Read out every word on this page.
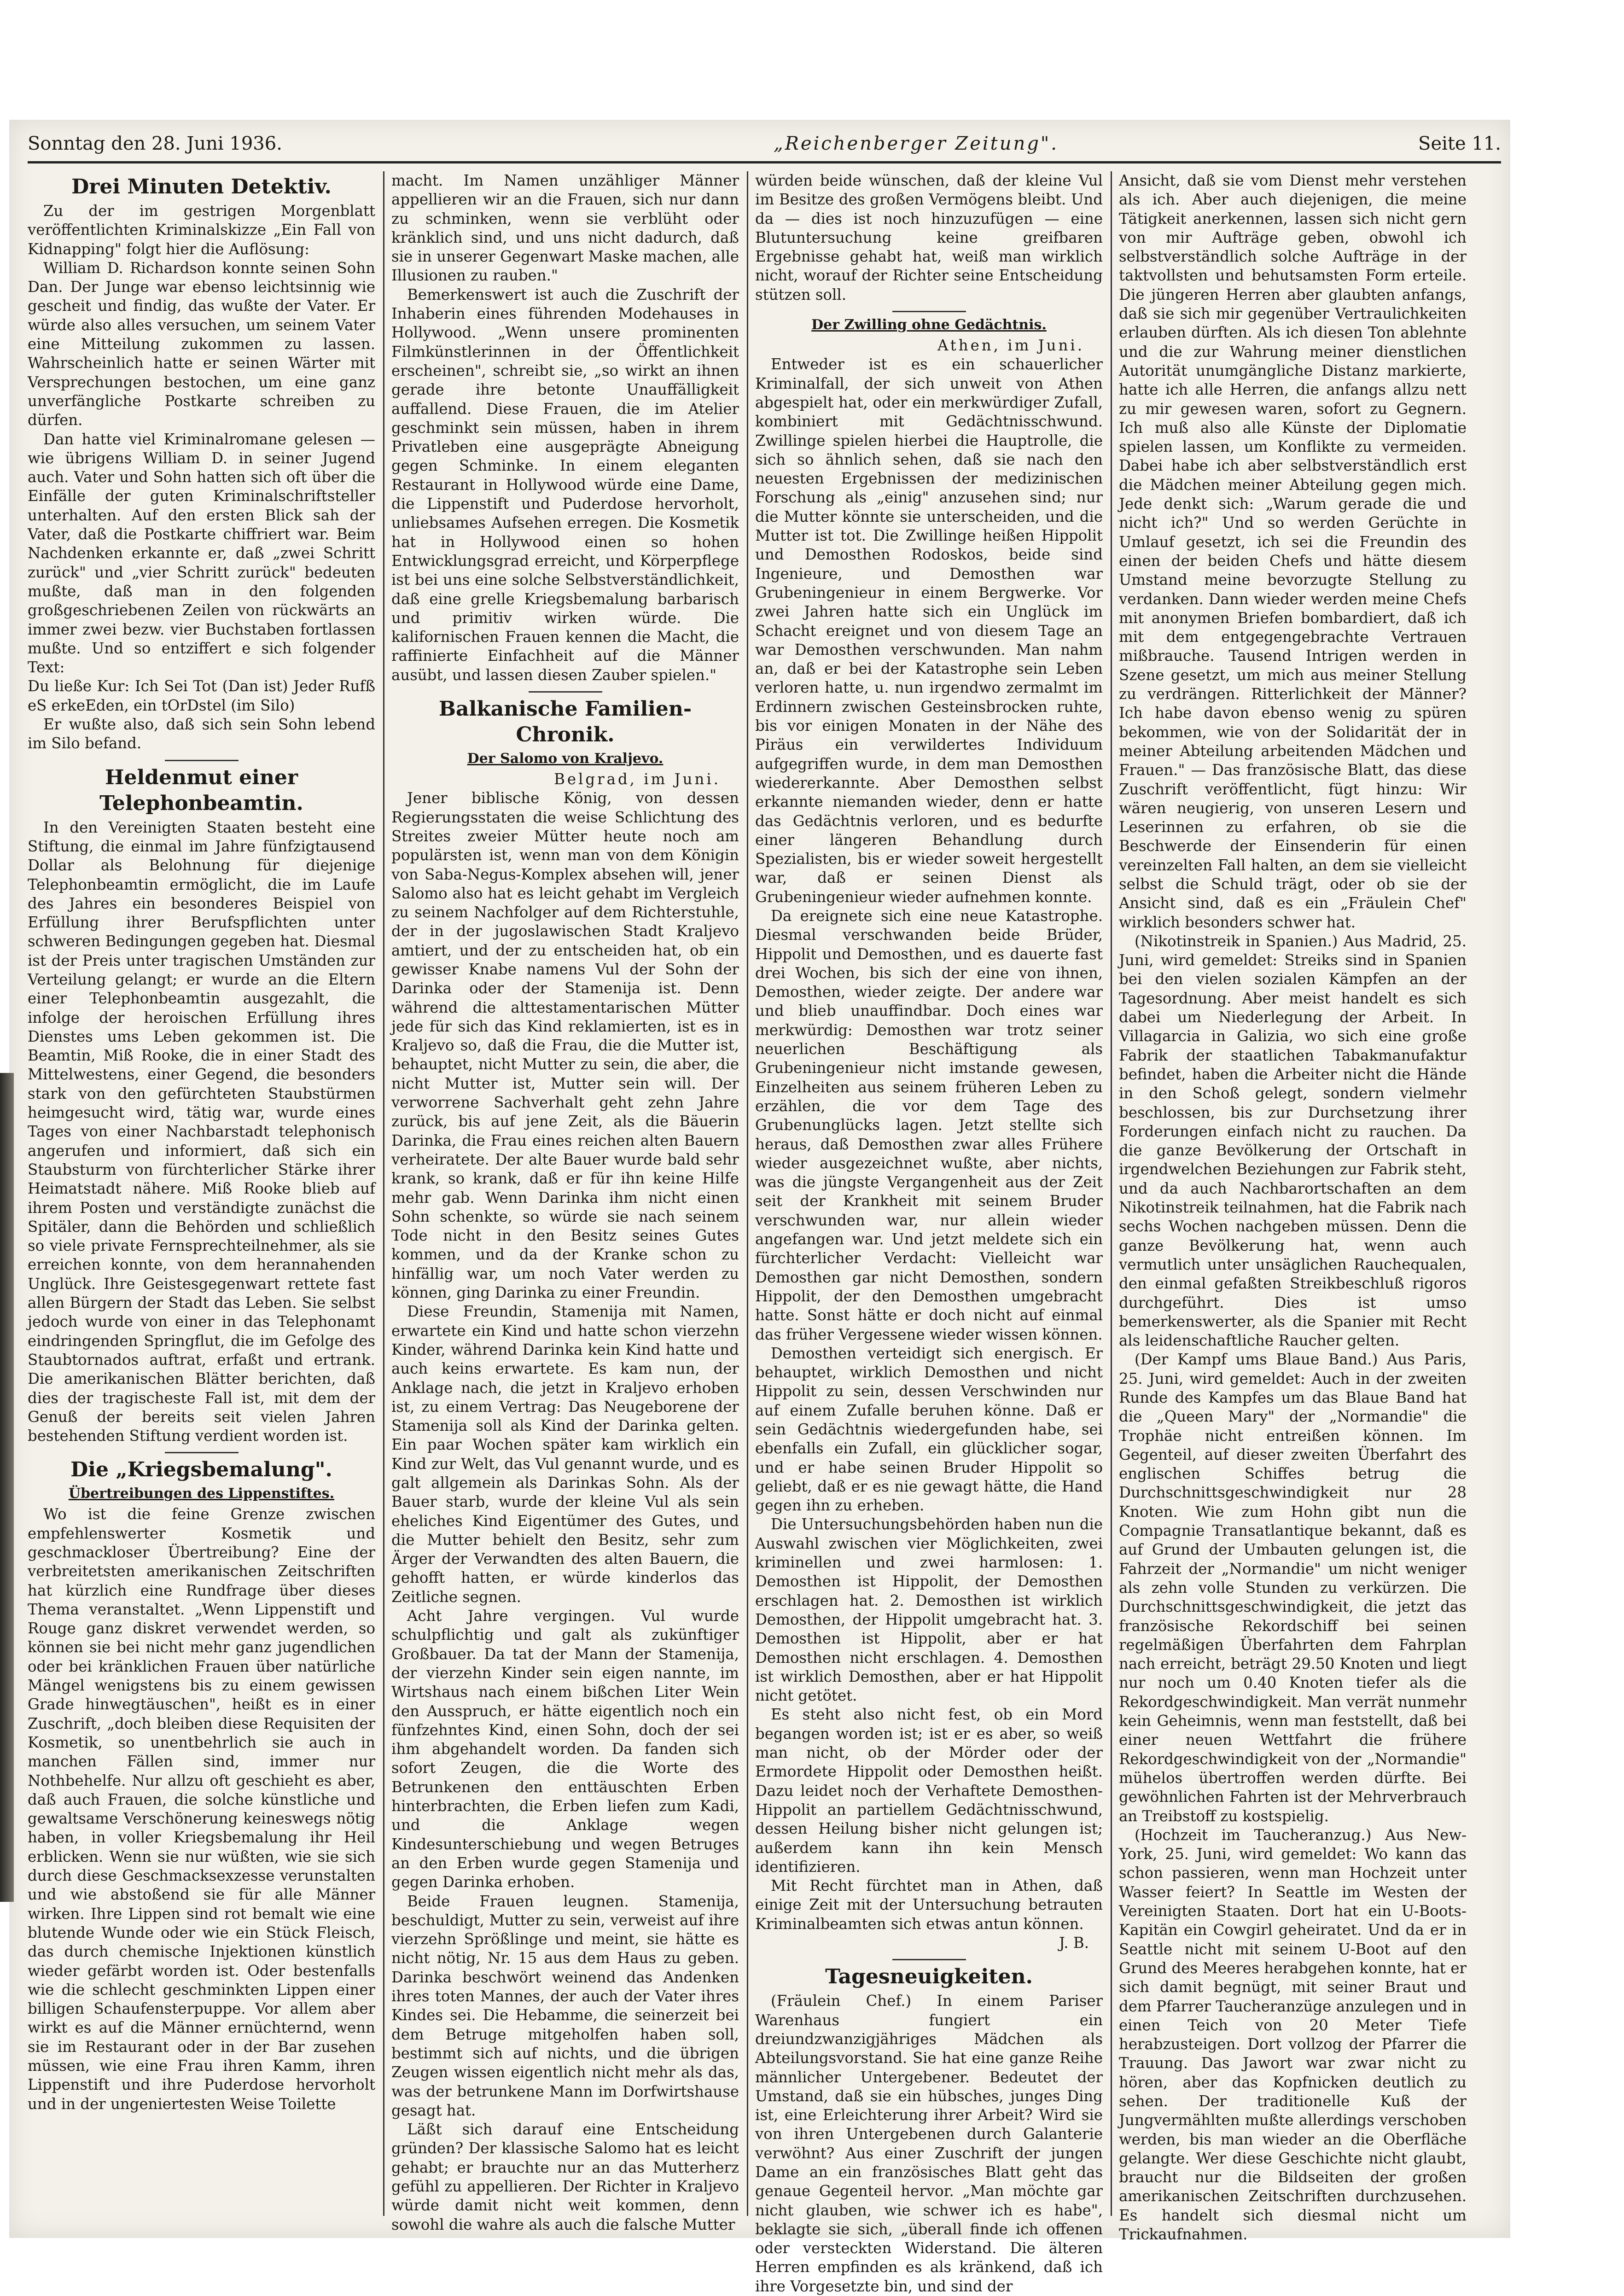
Sonntag den 28. Juni 1936.	„Reichenberger Zeitung".	Seite 11.
Drei Minuten Detektiv.

Zu der im gestrigen Morgenblatt veröffentlichten Kriminalskizze „Ein Fall von Kidnapping" folgt hier die Auflösung:

William D. Richardson konnte seinen Sohn Dan. Der Junge war ebenso leichtsinnig wie gescheit und findig, das wußte der Vater. Er würde also alles versuchen, um seinem Vater eine Mitteilung zukommen zu lassen. Wahrscheinlich hatte er seinen Wärter mit Versprechungen bestochen, um eine ganz unverfängliche Postkarte schreiben zu dürfen.

Dan hatte viel Kriminalromane gelesen — wie übrigens William D. in seiner Jugend auch. Vater und Sohn hatten sich oft über die Einfälle der guten Kriminalschriftsteller unterhalten. Auf den ersten Blick sah der Vater, daß die Postkarte chiffriert war. Beim Nachdenken erkannte er, daß „zwei Schritt zurück" und „vier Schritt zurück" bedeuten mußte, daß man in den folgenden großgeschriebenen Zeilen von rückwärts an immer zwei bezw. vier Buchstaben fortlassen mußte. Und so entziffert e sich folgender Text:

Du ließe Kur: Ich Sei Tot (Dan ist) Jeder Rufß eS erkeEden, ein tOrDstel (im Silo)

Er wußte also, daß sich sein Sohn lebend im Silo befand.

Heldenmut einer Telephonbeamtin.

In den Vereinigten Staaten besteht eine Stiftung, die einmal im Jahre fünfzigtausend Dollar als Belohnung für diejenige Telephonbeamtin ermöglicht, die im Laufe des Jahres ein besonderes Beispiel von Erfüllung ihrer Berufspflichten unter schweren Bedingungen gegeben hat. Diesmal ist der Preis unter tragischen Umständen zur Verteilung gelangt; er wurde an die Eltern einer Telephonbeamtin ausgezahlt, die infolge der heroischen Erfüllung ihres Dienstes ums Leben gekommen ist. Die Beamtin, Miß Rooke, die in einer Stadt des Mittelwestens, einer Gegend, die besonders stark von den gefürchteten Staubstürmen heimgesucht wird, tätig war, wurde eines Tages von einer Nachbarstadt telephonisch angerufen und informiert, daß sich ein Staubsturm von fürchterlicher Stärke ihrer Heimatstadt nähere. Miß Rooke blieb auf ihrem Posten und verständigte zunächst die Spitäler, dann die Behörden und schließlich so viele private Fernsprechteilnehmer, als sie erreichen konnte, von dem herannahenden Unglück. Ihre Geistesgegenwart rettete fast allen Bürgern der Stadt das Leben. Sie selbst jedoch wurde von einer in das Telephonamt eindringenden Springflut, die im Gefolge des Staubtornados auftrat, erfaßt und ertrank. Die amerikanischen Blätter berichten, daß dies der tragischeste Fall ist, mit dem der Genuß der bereits seit vielen Jahren bestehenden Stiftung verdient worden ist.

Die „Kriegsbemalung".
Übertreibungen des Lippenstiftes.

Wo ist die feine Grenze zwischen empfehlenswerter Kosmetik und geschmackloser Übertreibung? Eine der verbreitetsten amerikanischen Zeitschriften hat kürzlich eine Rundfrage über dieses Thema veranstaltet. „Wenn Lippenstift und Rouge ganz diskret verwendet werden, so können sie bei nicht mehr ganz jugendlichen oder bei kränklichen Frauen über natürliche Mängel wenigstens bis zu einem gewissen Grade hinwegtäuschen", heißt es in einer Zuschrift, „doch bleiben diese Requisiten der Kosmetik, so unentbehrlich sie auch in manchen Fällen sind, immer nur Nothbehelfe. Nur allzu oft geschieht es aber, daß auch Frauen, die solche künstliche und gewaltsame Verschönerung keineswegs nötig haben, in voller Kriegsbemalung ihr Heil erblicken. Wenn sie nur wüßten, wie sie sich durch diese Geschmacksexzesse verunstalten und wie abstoßend sie für alle Männer wirken. Ihre Lippen sind rot bemalt wie eine blutende Wunde oder wie ein Stück Fleisch, das durch chemische Injektionen künstlich wieder gefärbt worden ist. Oder bestenfalls wie die schlecht geschminkten Lippen einer billigen Schaufensterpuppe. Vor allem aber wirkt es auf die Männer ernüchternd, wenn sie im Restaurant oder in der Bar zusehen müssen, wie eine Frau ihren Kamm, ihren Lippenstift und ihre Puderdose hervorholt und in der ungeniertesten Weise Toilette

macht. Im Namen unzähliger Männer appellieren wir an die Frauen, sich nur dann zu schminken, wenn sie verblüht oder kränklich sind, und uns nicht dadurch, daß sie in unserer Gegenwart Maske machen, alle Illusionen zu rauben."

Bemerkenswert ist auch die Zuschrift der Inhaberin eines führenden Modehauses in Hollywood. „Wenn unsere prominenten Filmkünstlerinnen in der Öffentlichkeit erscheinen", schreibt sie, „so wirkt an ihnen gerade ihre betonte Unauffälligkeit auffallend. Diese Frauen, die im Atelier geschminkt sein müssen, haben in ihrem Privatleben eine ausgeprägte Abneigung gegen Schminke. In einem eleganten Restaurant in Hollywood würde eine Dame, die Lippenstift und Puderdose hervorholt, unliebsames Aufsehen erregen. Die Kosmetik hat in Hollywood einen so hohen Entwicklungsgrad erreicht, und Körperpflege ist bei uns eine solche Selbstverständlichkeit, daß eine grelle Kriegsbemalung barbarisch und primitiv wirken würde. Die kalifornischen Frauen kennen die Macht, die raffinierte Einfachheit auf die Männer ausübt, und lassen diesen Zauber spielen."

Balkanische Familien-Chronik.
Der Salomo von Kraljevo.
Belgrad, im Juni.

Jener biblische König, von dessen Regierungsstaten die weise Schlichtung des Streites zweier Mütter heute noch am populärsten ist, wenn man von dem Königin von Saba-Negus-Komplex absehen will, jener Salomo also hat es leicht gehabt im Vergleich zu seinem Nachfolger auf dem Richterstuhle, der in der jugoslawischen Stadt Kraljevo amtiert, und der zu entscheiden hat, ob ein gewisser Knabe namens Vul der Sohn der Darinka oder der Stamenija ist. Denn während die alttestamentarischen Mütter jede für sich das Kind reklamierten, ist es in Kraljevo so, daß die Frau, die die Mutter ist, behauptet, nicht Mutter zu sein, die aber, die nicht Mutter ist, Mutter sein will. Der verworrene Sachverhalt geht zehn Jahre zurück, bis auf jene Zeit, als die Bäuerin Darinka, die Frau eines reichen alten Bauern verheiratete. Der alte Bauer wurde bald sehr krank, so krank, daß er für ihn keine Hilfe mehr gab. Wenn Darinka ihm nicht einen Sohn schenkte, so würde sie nach seinem Tode nicht in den Besitz seines Gutes kommen, und da der Kranke schon zu hinfällig war, um noch Vater werden zu können, ging Darinka zu einer Freundin.

Diese Freundin, Stamenija mit Namen, erwartete ein Kind und hatte schon vierzehn Kinder, während Darinka kein Kind hatte und auch keins erwartete. Es kam nun, der Anklage nach, die jetzt in Kraljevo erhoben ist, zu einem Vertrag: Das Neugeborene der Stamenija soll als Kind der Darinka gelten. Ein paar Wochen später kam wirklich ein Kind zur Welt, das Vul genannt wurde, und es galt allgemein als Darinkas Sohn. Als der Bauer starb, wurde der kleine Vul als sein eheliches Kind Eigentümer des Gutes, und die Mutter behielt den Besitz, sehr zum Ärger der Verwandten des alten Bauern, die gehofft hatten, er würde kinderlos das Zeitliche segnen.

Acht Jahre vergingen. Vul wurde schulpflichtig und galt als zukünftiger Großbauer. Da tat der Mann der Stamenija, der vierzehn Kinder sein eigen nannte, im Wirtshaus nach einem bißchen Liter Wein den Ausspruch, er hätte eigentlich noch ein fünfzehntes Kind, einen Sohn, doch der sei ihm abgehandelt worden. Da fanden sich sofort Zeugen, die die Worte des Betrunkenen den enttäuschten Erben hinterbrachten, die Erben liefen zum Kadi, und die Anklage wegen Kindesunterschiebung und wegen Betruges an den Erben wurde gegen Stamenija und gegen Darinka erhoben.

Beide Frauen leugnen. Stamenija, beschuldigt, Mutter zu sein, verweist auf ihre vierzehn Sprößlinge und meint, sie hätte es nicht nötig, Nr. 15 aus dem Haus zu geben. Darinka beschwört weinend das Andenken ihres toten Mannes, der auch der Vater ihres Kindes sei. Die Hebamme, die seinerzeit bei dem Betruge mitgeholfen haben soll, bestimmt sich auf nichts, und die übrigen Zeugen wissen eigentlich nicht mehr als das, was der betrunkene Mann im Dorfwirtshause gesagt hat.

Läßt sich darauf eine Entscheidung gründen? Der klassische Salomo hat es leicht gehabt; er brauchte nur an das Mutterherz gefühl zu appellieren. Der Richter in Kraljevo würde damit nicht weit kommen, denn sowohl die wahre als auch die falsche Mutter

würden beide wünschen, daß der kleine Vul im Besitze des großen Vermögens bleibt. Und da — dies ist noch hinzuzufügen — eine Blutuntersuchung keine greifbaren Ergebnisse gehabt hat, weiß man wirklich nicht, worauf der Richter seine Entscheidung stützen soll.

Der Zwilling ohne Gedächtnis.
Athen, im Juni.

Entweder ist es ein schauerlicher Kriminalfall, der sich unweit von Athen abgespielt hat, oder ein merkwürdiger Zufall, kombiniert mit Gedächtnisschwund. Zwillinge spielen hierbei die Hauptrolle, die sich so ähnlich sehen, daß sie nach den neuesten Ergebnissen der medizinischen Forschung als „einig" anzusehen sind; nur die Mutter könnte sie unterscheiden, und die Mutter ist tot. Die Zwillinge heißen Hippolit und Demosthen Rodoskos, beide sind Ingenieure, und Demosthen war Grubeningenieur in einem Bergwerke. Vor zwei Jahren hatte sich ein Unglück im Schacht ereignet und von diesem Tage an war Demosthen verschwunden. Man nahm an, daß er bei der Katastrophe sein Leben verloren hatte, u. nun irgendwo zermalmt im Erdinnern zwischen Gesteinsbrocken ruhte, bis vor einigen Monaten in der Nähe des Piräus ein verwildertes Individuum aufgegriffen wurde, in dem man Demosthen wiedererkannte. Aber Demosthen selbst erkannte niemanden wieder, denn er hatte das Gedächtnis verloren, und es bedurfte einer längeren Behandlung durch Spezialisten, bis er wieder soweit hergestellt war, daß er seinen Dienst als Grubeningenieur wieder aufnehmen konnte.

Da ereignete sich eine neue Katastrophe. Diesmal verschwanden beide Brüder, Hippolit und Demosthen, und es dauerte fast drei Wochen, bis sich der eine von ihnen, Demosthen, wieder zeigte. Der andere war und blieb unauffindbar. Doch eines war merkwürdig: Demosthen war trotz seiner neuerlichen Beschäftigung als Grubeningenieur nicht imstande gewesen, Einzelheiten aus seinem früheren Leben zu erzählen, die vor dem Tage des Grubenunglücks lagen. Jetzt stellte sich heraus, daß Demosthen zwar alles Frühere wieder ausgezeichnet wußte, aber nichts, was die jüngste Vergangenheit aus der Zeit seit der Krankheit mit seinem Bruder verschwunden war, nur allein wieder angefangen war. Und jetzt meldete sich ein fürchterlicher Verdacht: Vielleicht war Demosthen gar nicht Demosthen, sondern Hippolit, der den Demosthen umgebracht hatte. Sonst hätte er doch nicht auf einmal das früher Vergessene wieder wissen können.

Demosthen verteidigt sich energisch. Er behauptet, wirklich Demosthen und nicht Hippolit zu sein, dessen Verschwinden nur auf einem Zufalle beruhen könne. Daß er sein Gedächtnis wiedergefunden habe, sei ebenfalls ein Zufall, ein glücklicher sogar, und er habe seinen Bruder Hippolit so geliebt, daß er es nie gewagt hätte, die Hand gegen ihn zu erheben.

Die Untersuchungsbehörden haben nun die Auswahl zwischen vier Möglichkeiten, zwei kriminellen und zwei harmlosen: 1. Demosthen ist Hippolit, der Demosthen erschlagen hat. 2. Demosthen ist wirklich Demosthen, der Hippolit umgebracht hat. 3. Demosthen ist Hippolit, aber er hat Demosthen nicht erschlagen. 4. Demosthen ist wirklich Demosthen, aber er hat Hippolit nicht getötet.

Es steht also nicht fest, ob ein Mord begangen worden ist; ist er es aber, so weiß man nicht, ob der Mörder oder der Ermordete Hippolit oder Demosthen heißt. Dazu leidet noch der Verhaftete Demosthen-Hippolit an partiellem Gedächtnisschwund, dessen Heilung bisher nicht gelungen ist; außerdem kann ihn kein Mensch identifizieren.

Mit Recht fürchtet man in Athen, daß einige Zeit mit der Untersuchung betrauten Kriminalbeamten sich etwas antun können.

J. B.
Tagesneuigkeiten.

(Fräulein Chef.) In einem Pariser Warenhaus fungiert ein dreiundzwanzigjähriges Mädchen als Abteilungsvorstand. Sie hat eine ganze Reihe männlicher Untergebener. Bedeutet der Umstand, daß sie ein hübsches, junges Ding ist, eine Erleichterung ihrer Arbeit? Wird sie von ihren Untergebenen durch Galanterie verwöhnt? Aus einer Zuschrift der jungen Dame an ein französisches Blatt geht das genaue Gegenteil hervor. „Man möchte gar nicht glauben, wie schwer ich es habe", beklagte sie sich, „überall finde ich offenen oder versteckten Widerstand. Die älteren Herren empfinden es als kränkend, daß ich ihre Vorgesetzte bin, und sind der

Ansicht, daß sie vom Dienst mehr verstehen als ich. Aber auch diejenigen, die meine Tätigkeit anerkennen, lassen sich nicht gern von mir Aufträge geben, obwohl ich selbstverständlich solche Aufträge in der taktvollsten und behutsamsten Form erteile. Die jüngeren Herren aber glaubten anfangs, daß sie sich mir gegenüber Vertraulichkeiten erlauben dürften. Als ich diesen Ton ablehnte und die zur Wahrung meiner dienstlichen Autorität unumgängliche Distanz markierte, hatte ich alle Herren, die anfangs allzu nett zu mir gewesen waren, sofort zu Gegnern. Ich muß also alle Künste der Diplomatie spielen lassen, um Konflikte zu vermeiden. Dabei habe ich aber selbstverständlich erst die Mädchen meiner Abteilung gegen mich. Jede denkt sich: „Warum gerade die und nicht ich?" Und so werden Gerüchte in Umlauf gesetzt, ich sei die Freundin des einen der beiden Chefs und hätte diesem Umstand meine bevorzugte Stellung zu verdanken. Dann wieder werden meine Chefs mit anonymen Briefen bombardiert, daß ich mit dem entgegengebrachte Vertrauen mißbrauche. Tausend Intrigen werden in Szene gesetzt, um mich aus meiner Stellung zu verdrängen. Ritterlichkeit der Männer? Ich habe davon ebenso wenig zu spüren bekommen, wie von der Solidarität der in meiner Abteilung arbeitenden Mädchen und Frauen." — Das französische Blatt, das diese Zuschrift veröffentlicht, fügt hinzu: Wir wären neugierig, von unseren Lesern und Leserinnen zu erfahren, ob sie die Beschwerde der Einsenderin für einen vereinzelten Fall halten, an dem sie vielleicht selbst die Schuld trägt, oder ob sie der Ansicht sind, daß es ein „Fräulein Chef" wirklich besonders schwer hat.

(Nikotinstreik in Spanien.) Aus Madrid, 25. Juni, wird gemeldet: Streiks sind in Spanien bei den vielen sozialen Kämpfen an der Tagesordnung. Aber meist handelt es sich dabei um Niederlegung der Arbeit. In Villagarcia in Galizia, wo sich eine große Fabrik der staatlichen Tabakmanufaktur befindet, haben die Arbeiter nicht die Hände in den Schoß gelegt, sondern vielmehr beschlossen, bis zur Durchsetzung ihrer Forderungen einfach nicht zu rauchen. Da die ganze Bevölkerung der Ortschaft in irgendwelchen Beziehungen zur Fabrik steht, und da auch Nachbarortschaften an dem Nikotinstreik teilnahmen, hat die Fabrik nach sechs Wochen nachgeben müssen. Denn die ganze Bevölkerung hat, wenn auch vermutlich unter unsäglichen Rauchequalen, den einmal gefaßten Streikbeschluß rigoros durchgeführt. Dies ist umso bemerkenswerter, als die Spanier mit Recht als leidenschaftliche Raucher gelten.

(Der Kampf ums Blaue Band.) Aus Paris, 25. Juni, wird gemeldet: Auch in der zweiten Runde des Kampfes um das Blaue Band hat die „Queen Mary" der „Normandie" die Trophäe nicht entreißen können. Im Gegenteil, auf dieser zweiten Überfahrt des englischen Schiffes betrug die Durchschnittsgeschwindigkeit nur 28 Knoten. Wie zum Hohn gibt nun die Compagnie Transatlantique bekannt, daß es auf Grund der Umbauten gelungen ist, die Fahrzeit der „Normandie" um nicht weniger als zehn volle Stunden zu verkürzen. Die Durchschnittsgeschwindigkeit, die jetzt das französische Rekordschiff bei seinen regelmäßigen Überfahrten dem Fahrplan nach erreicht, beträgt 29.50 Knoten und liegt nur noch um 0.40 Knoten tiefer als die Rekordgeschwindigkeit. Man verrät nunmehr kein Geheimnis, wenn man feststellt, daß bei einer neuen Wettfahrt die frühere Rekordgeschwindigkeit von der „Normandie" mühelos übertroffen werden dürfte. Bei gewöhnlichen Fahrten ist der Mehrverbrauch an Treibstoff zu kostspielig.

(Hochzeit im Taucheranzug.) Aus New-York, 25. Juni, wird gemeldet: Wo kann das schon passieren, wenn man Hochzeit unter Wasser feiert? In Seattle im Westen der Vereinigten Staaten. Dort hat ein U-Boots-Kapitän ein Cowgirl geheiratet. Und da er in Seattle nicht mit seinem U-Boot auf den Grund des Meeres herabgehen konnte, hat er sich damit begnügt, mit seiner Braut und dem Pfarrer Taucheranzüge anzulegen und in einen Teich von 20 Meter Tiefe herabzusteigen. Dort vollzog der Pfarrer die Trauung. Das Jawort war zwar nicht zu hören, aber das Kopfnicken deutlich zu sehen. Der traditionelle Kuß der Jungvermählten mußte allerdings verschoben werden, bis man wieder an die Oberfläche gelangte. Wer diese Geschichte nicht glaubt, braucht nur die Bildseiten der großen amerikanischen Zeitschriften durchzusehen. Es handelt sich diesmal nicht um Trickaufnahmen.
